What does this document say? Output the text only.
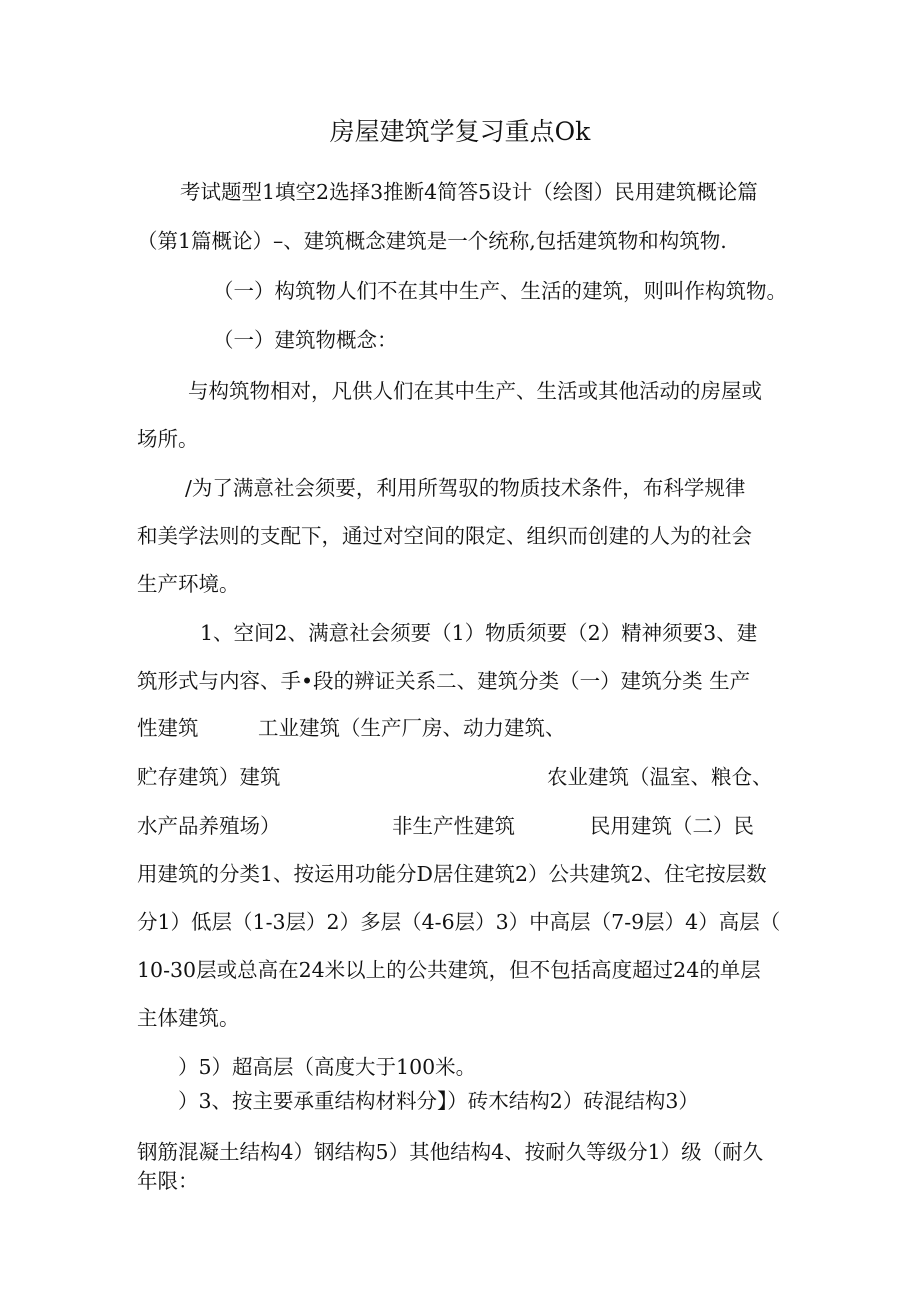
房屋建筑学复习重点Ok
考试题型1填空2选择3推断4简答5设计（绘图）民用建筑概论篇
（第1篇概论）–、建筑概念建筑是一个统称,包括建筑物和构筑物.
（一）构筑物人们不在其中生产、生活的建筑，则叫作构筑物。
（一）建筑物概念：
与构筑物相对，凡供人们在其中生产、生活或其他活动的房屋或
场所。
/为了满意社会须要，利用所驾驭的物质技术条件，布科学规律
和美学法则的支配下，通过对空间的限定、组织而创建的人为的社会
生产环境。
1、空间2、满意社会须要（1）物质须要（2）精神须要3、建
筑形式与内容、手•段的辨证关系二、建筑分类（一）建筑分类 生产
性建筑	工业建筑（生产厂房、动力建筑、
贮存建筑）建筑	农业建筑（温室、粮仓、
水产品养殖场）	非生产性建筑	民用建筑（二）民
用建筑的分类1、按运用功能分D居住建筑2）公共建筑2、住宅按层数
分1）低层（1-3层）2）多层（4-6层）3）中高层（7-9层）4）高层（
10-30层或总高在24米以上的公共建筑，但不包括高度超过24的单层
主体建筑。
）5）超高层（高度大于100米。
）3、按主要承重结构材料分】）砖木结构2）砖混结构3）
钢筋混凝土结构4）钢结构5）其他结构4、按耐久等级分1）级（耐久
年限：
